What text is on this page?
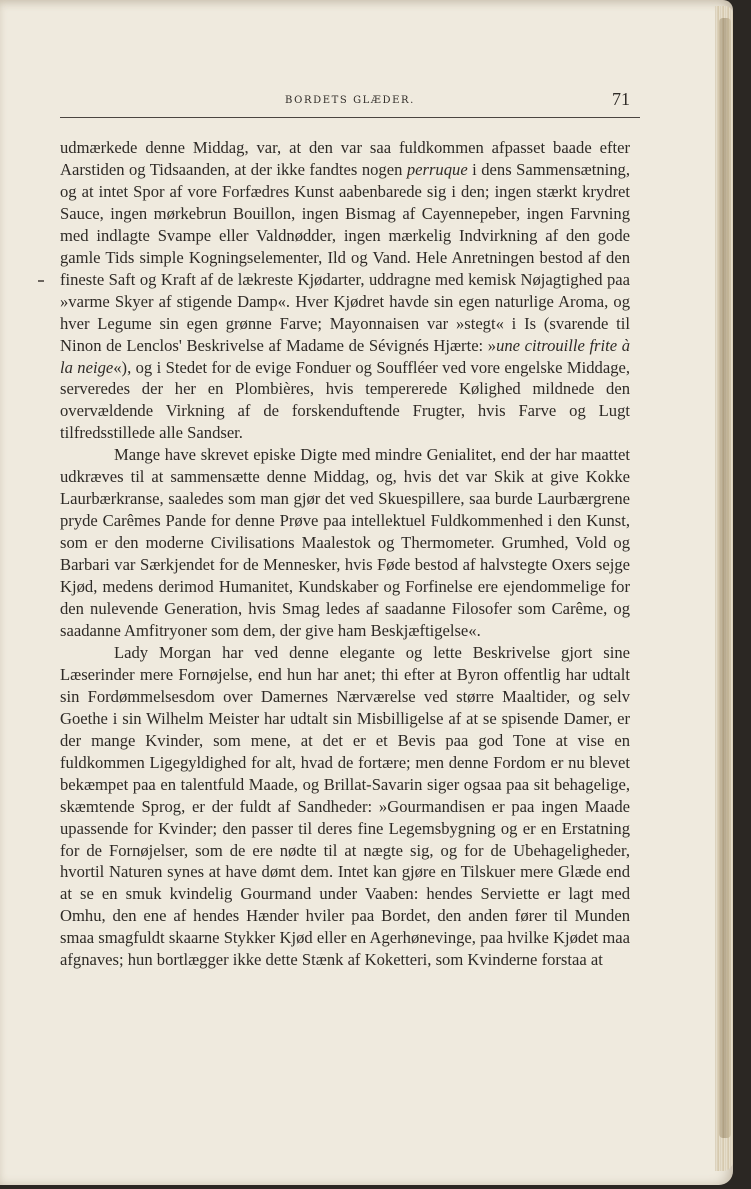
BORDETS GLÆDER.	71

udmærkede denne Middag, var, at den var saa fuldkommen afpasset baade efter Aarstiden og Tidsaanden, at der ikke fandtes nogen perruque i dens Sammensætning, og at intet Spor af vore Forfædres Kunst aabenbarede sig i den; ingen stærkt krydret Sauce, ingen mørkebrun Bouillon, ingen Bismag af Cayennepeber, ingen Farvning med indlagte Svampe eller Valdnødder, ingen mærkelig Indvirkning af den gode gamle Tids simple Kogningselementer, Ild og Vand. Hele Anretningen bestod af den fineste Saft og Kraft af de lækreste Kjødarter, uddragne med kemisk Nøjagtighed paa »varme Skyer af stigende Damp«. Hver Kjødret havde sin egen naturlige Aroma, og hver Legume sin egen grønne Farve; Mayonnaisen var »stegt« i Is (svarende til Ninon de Lenclos' Beskrivelse af Madame de Sévignés Hjærte: »une citrouille frite à la neige«), og i Stedet for de evige Fonduer og Souffléer ved vore engelske Middage, serveredes der her en Plombières, hvis tempererede Kølighed mildnede den overvældende Virkning af de forskenduftende Frugter, hvis Farve og Lugt tilfredsstillede alle Sandser.

Mange have skrevet episke Digte med mindre Genialitet, end der har maattet udkræves til at sammensætte denne Middag, og, hvis det var Skik at give Kokke Laurbærkranse, saaledes som man gjør det ved Skuespillere, saa burde Laurbærgrene pryde Carêmes Pande for denne Prøve paa intellektuel Fuldkommenhed i den Kunst, som er den moderne Civilisations Maalestok og Thermometer. Grumhed, Vold og Barbari var Særkjendet for de Mennesker, hvis Føde bestod af halvstegte Oxers sejge Kjød, medens derimod Humanitet, Kundskaber og Forfinelse ere ejendommelige for den nulevende Generation, hvis Smag ledes af saadanne Filosofer som Carême, og saadanne Amfitryoner som dem, der give ham Beskjæftigelse«.

Lady Morgan har ved denne elegante og lette Beskrivelse gjort sine Læserinder mere Fornøjelse, end hun har anet; thi efter at Byron offentlig har udtalt sin Fordømmelsesdom over Damernes Nærværelse ved større Maaltider, og selv Goethe i sin Wilhelm Meister har udtalt sin Misbilligelse af at se spisende Damer, er der mange Kvinder, som mene, at det er et Bevis paa god Tone at vise en fuldkommen Ligegyldighed for alt, hvad de fortære; men denne Fordom er nu blevet bekæmpet paa en talentfuld Maade, og Brillat-Savarin siger ogsaa paa sit behagelige, skæmtende Sprog, er der fuldt af Sandheder: »Gourmandisen er paa ingen Maade upassende for Kvinder; den passer til deres fine Legemsbygning og er en Erstatning for de Fornøjelser, som de ere nødte til at nægte sig, og for de Ubehageligheder, hvortil Naturen synes at have dømt dem. Intet kan gjøre en Tilskuer mere Glæde end at se en smuk kvindelig Gourmand under Vaaben: hendes Serviette er lagt med Omhu, den ene af hendes Hænder hviler paa Bordet, den anden fører til Munden smaa smagfuldt skaarne Stykker Kjød eller en Agerhønevinge, paa hvilke Kjødet maa afgnaves; hun bortlægger ikke dette Stænk af Koketteri, som Kvinderne forstaa at
